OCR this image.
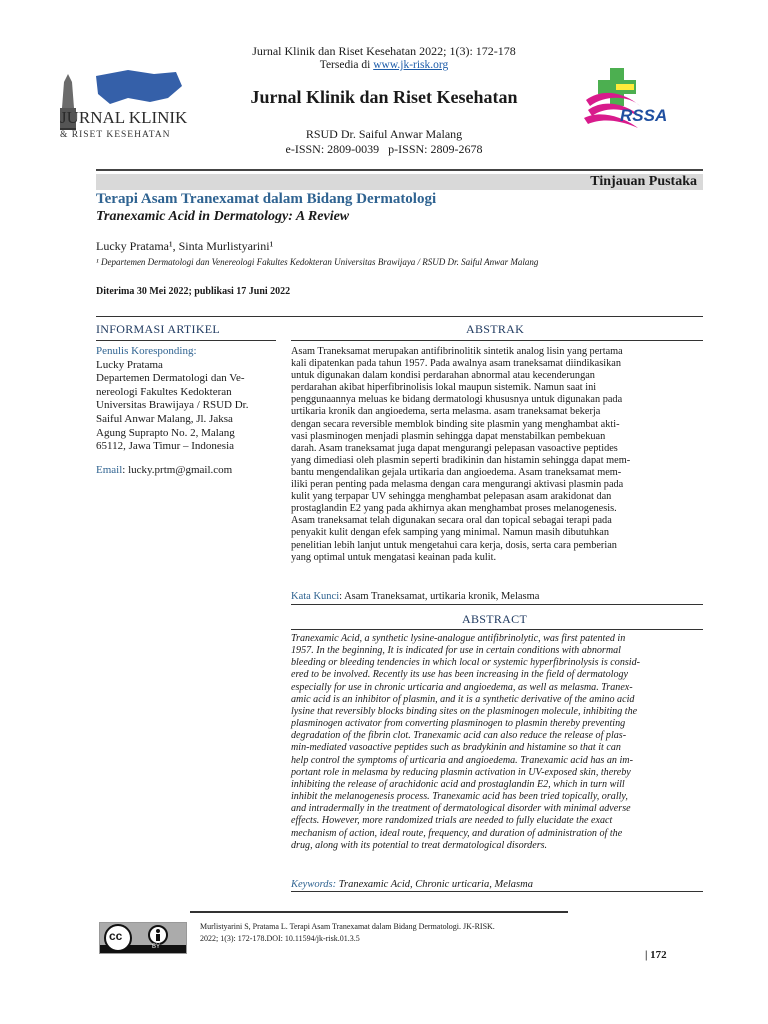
Jurnal Klinik dan Riset Kesehatan 2022; 1(3): 172-178
Tersedia di www.jk-risk.org
JURNAL KLINIK
& RISET KESEHATAN
Jurnal Klinik dan Riset Kesehatan
RSUD Dr. Saiful Anwar Malang
e-ISSN: 2809-0039   p-ISSN: 2809-2678
RSSA
Tinjauan Pustaka
Terapi Asam Tranexamat dalam Bidang Dermatologi
Tranexamic Acid in Dermatology: A Review
Lucky Pratama¹, Sinta Murlistyarini¹
¹ Departemen Dermatologi dan Venereologi Fakultes Kedokteran Universitas Brawijaya / RSUD Dr. Saiful Anwar Malang
Diterima 30 Mei 2022; publikasi 17 Juni 2022
INFORMASI ARTIKEL	ABSTRAK
Penulis Koresponding:
Lucky Pratama
Departemen Dermatologi dan Ve-
nereologi Fakultes Kedokteran
Universitas Brawijaya / RSUD Dr.
Saiful Anwar Malang, Jl. Jaksa
Agung Suprapto No. 2, Malang
65112, Jawa Timur – Indonesia
Email: lucky.prtm@gmail.com
Asam Traneksamat merupakan antifibrinolitik sintetik analog lisin yang pertama
kali dipatenkan pada tahun 1957. Pada awalnya asam traneksamat diindikasikan
untuk digunakan dalam kondisi perdarahan abnormal atau kecenderungan
perdarahan akibat hiperfibrinolisis lokal maupun sistemik. Namun saat ini
penggunaannya meluas ke bidang dermatologi khususnya untuk digunakan pada
urtikaria kronik dan angioedema, serta melasma. asam traneksamat bekerja
dengan secara reversible memblok binding site plasmin yang menghambat akti-
vasi plasminogen menjadi plasmin sehingga dapat menstabilkan pembekuan
darah. Asam traneksamat juga dapat mengurangi pelepasan vasoactive peptides
yang dimediasi oleh plasmin seperti bradikinin dan histamin sehingga dapat mem-
bantu mengendalikan gejala urtikaria dan angioedema. Asam traneksamat mem-
iliki peran penting pada melasma dengan cara mengurangi aktivasi plasmin pada
kulit yang terpapar UV sehingga menghambat pelepasan asam arakidonat dan
prostaglandin E2 yang pada akhirnya akan menghambat proses melanogenesis.
Asam traneksamat telah digunakan secara oral dan topical sebagai terapi pada
penyakit kulit dengan efek samping yang minimal. Namun masih dibutuhkan
penelitian lebih lanjut untuk mengetahui cara kerja, dosis, serta cara pemberian
yang optimal untuk mengatasi keainan pada kulit.
Kata Kunci: Asam Traneksamat, urtikaria kronik, Melasma
ABSTRACT
Tranexamic Acid, a synthetic lysine-analogue antifibrinolytic, was first patented in
1957. In the beginning, It is indicated for use in certain conditions with abnormal
bleeding or bleeding tendencies in which local or systemic hyperfibrinolysis is consid-
ered to be involved. Recently its use has been increasing in the field of dermatology
especially for use in chronic urticaria and angioedema, as well as melasma. Tranex-
amic acid is an inhibitor of plasmin, and it is a synthetic derivative of the amino acid
lysine that reversibly blocks binding sites on the plasminogen molecule, inhibiting the
plasminogen activator from converting plasminogen to plasmin thereby preventing
degradation of the fibrin clot. Tranexamic acid can also reduce the release of plas-
min-mediated vasoactive peptides such as bradykinin and histamine so that it can
help control the symptoms of urticaria and angioedema. Tranexamic acid has an im-
portant role in melasma by reducing plasmin activation in UV-exposed skin, thereby
inhibiting the release of arachidonic acid and prostaglandin E2, which in turn will
inhibit the melanogenesis process. Tranexamic acid has been tried topically, orally,
and intradermally in the treatment of dermatological disorder with minimal adverse
effects. However, more randomized trials are needed to fully elucidate the exact
mechanism of action, ideal route, frequency, and duration of administration of the
drug, along with its potential to treat dermatological disorders.
Keywords: Tranexamic Acid, Chronic urticaria, Melasma
cc
BY
Murlistyarini S, Pratama L. Terapi Asam Tranexamat dalam Bidang Dermatologi. JK-RISK.
2022; 1(3): 172-178.DOI: 10.11594/jk-risk.01.3.5
| 172
